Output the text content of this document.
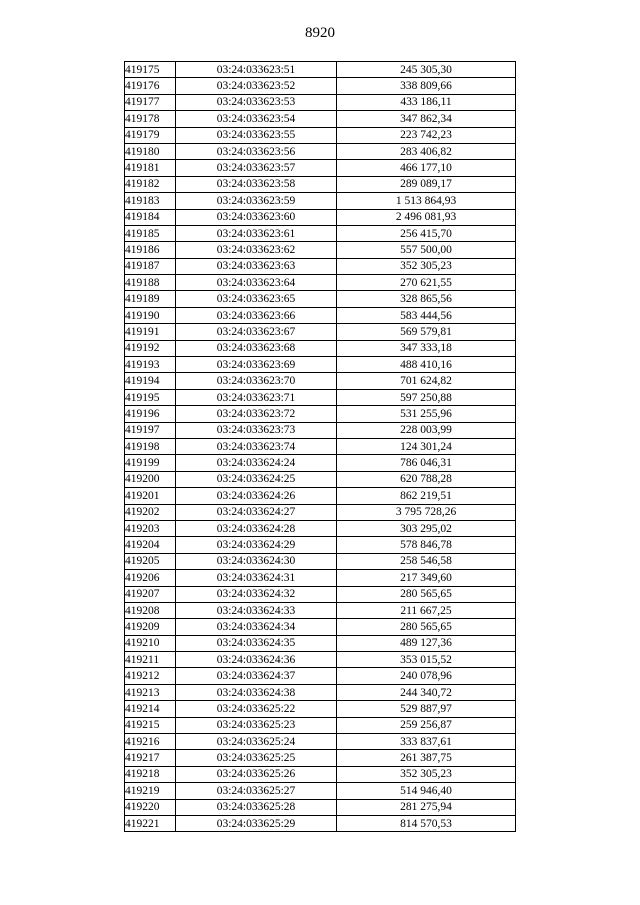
8920
419175	03:24:033623:51	245 305,30
419176	03:24:033623:52	338 809,66
419177	03:24:033623:53	433 186,11
419178	03:24:033623:54	347 862,34
419179	03:24:033623:55	223 742,23
419180	03:24:033623:56	283 406,82
419181	03:24:033623:57	466 177,10
419182	03:24:033623:58	289 089,17
419183	03:24:033623:59	1 513 864,93
419184	03:24:033623:60	2 496 081,93
419185	03:24:033623:61	256 415,70
419186	03:24:033623:62	557 500,00
419187	03:24:033623:63	352 305,23
419188	03:24:033623:64	270 621,55
419189	03:24:033623:65	328 865,56
419190	03:24:033623:66	583 444,56
419191	03:24:033623:67	569 579,81
419192	03:24:033623:68	347 333,18
419193	03:24:033623:69	488 410,16
419194	03:24:033623:70	701 624,82
419195	03:24:033623:71	597 250,88
419196	03:24:033623:72	531 255,96
419197	03:24:033623:73	228 003,99
419198	03:24:033623:74	124 301,24
419199	03:24:033624:24	786 046,31
419200	03:24:033624:25	620 788,28
419201	03:24:033624:26	862 219,51
419202	03:24:033624:27	3 795 728,26
419203	03:24:033624:28	303 295,02
419204	03:24:033624:29	578 846,78
419205	03:24:033624:30	258 546,58
419206	03:24:033624:31	217 349,60
419207	03:24:033624:32	280 565,65
419208	03:24:033624:33	211 667,25
419209	03:24:033624:34	280 565,65
419210	03:24:033624:35	489 127,36
419211	03:24:033624:36	353 015,52
419212	03:24:033624:37	240 078,96
419213	03:24:033624:38	244 340,72
419214	03:24:033625:22	529 887,97
419215	03:24:033625:23	259 256,87
419216	03:24:033625:24	333 837,61
419217	03:24:033625:25	261 387,75
419218	03:24:033625:26	352 305,23
419219	03:24:033625:27	514 946,40
419220	03:24:033625:28	281 275,94
419221	03:24:033625:29	814 570,53
